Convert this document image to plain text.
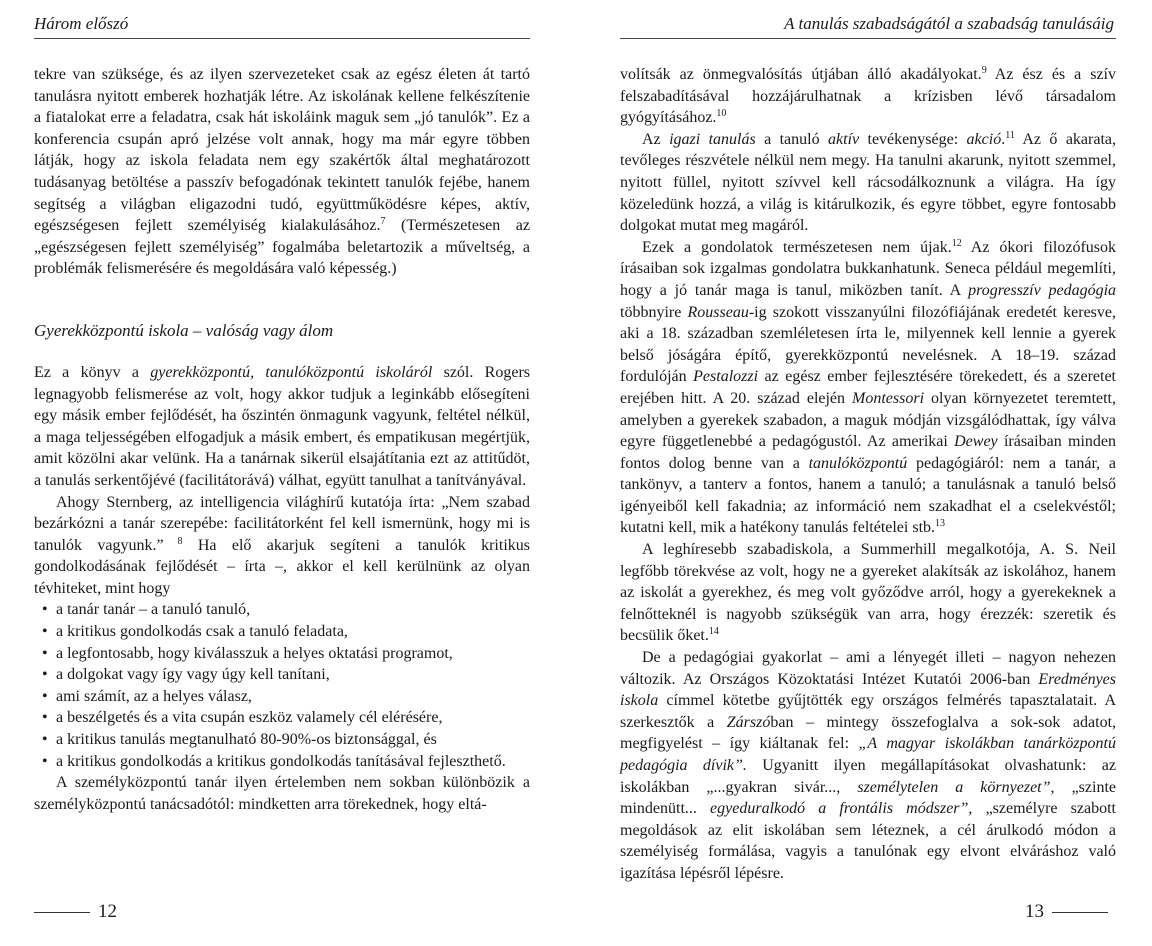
Három előszó

tekre van szüksége, és az ilyen szervezeteket csak az egész életen át tartó tanulásra nyitott emberek hozhatják létre. Az iskolának kellene felkészítenie a fiatalokat erre a feladatra, csak hát iskoláink maguk sem „jó tanulók”. Ez a konferencia csupán apró jelzése volt annak, hogy ma már egyre többen látják, hogy az iskola feladata nem egy szakértők által meghatározott tudásanyag betöltése a passzív befogadónak tekintett tanulók fejébe, hanem segítség a világban eligazodni tudó, együttműködésre képes, aktív, egészségesen fejlett személyiség kialakulásához.$^7$ (Természetesen az „egészségesen fejlett személyiség” fogalmába beletartozik a műveltség, a problémák felismerésére és megoldására való képesség.)

Gyerekközpontú iskola – valóság vagy álom

Ez a könyv a gyerekközpontú, tanulóközpontú iskoláról szól. Rogers legnagyobb felismerése az volt, hogy akkor tudjuk a leginkább elősegíteni egy másik ember fejlődését, ha őszintén önmagunk vagyunk, feltétel nélkül, a maga teljességében elfogadjuk a másik embert, és empatikusan megértjük, amit közölni akar velünk. Ha a tanárnak sikerül elsajátítania ezt az attitűdöt, a tanulás serkentőjévé (facilitátorává) válhat, együtt tanulhat a tanítványával.

Ahogy Sternberg, az intelligencia világhírű kutatója írta: „Nem szabad bezárkózni a tanár szerepébe: facilitátorként fel kell ismernünk, hogy mi is tanulók vagyunk.” $^8$ Ha elő akarjuk segíteni a tanulók kritikus gondolkodásának fejlődését – írta –, akkor el kell kerülnünk az olyan tévhiteket, mint hogy

• a tanár tanár – a tanuló tanuló,
• a kritikus gondolkodás csak a tanuló feladata,
• a legfontosabb, hogy kiválasszuk a helyes oktatási programot,
• a dolgokat vagy így vagy úgy kell tanítani,
• ami számít, az a helyes válasz,
• a beszélgetés és a vita csupán eszköz valamely cél elérésére,
• a kritikus tanulás megtanulható 80-90%-os biztonsággal, és
• a kritikus gondolkodás a kritikus gondolkodás tanításával fejleszthető.

A személyközpontú tanár ilyen értelemben nem sokban különbözik a személyközpontú tanácsadótól: mindketten arra törekednek, hogy eltá-

12
A tanulás szabadságától a szabadság tanulásáig

volítsák az önmegvalósítás útjában álló akadályokat.$^9$ Az ész és a szív felszabadításával hozzájárulhatnak a krízisben lévő társadalom gyógyításához.$^{10}$

Az igazi tanulás a tanuló aktív tevékenysége: akció.$^{11}$ Az ő akarata, tevőleges részvétele nélkül nem megy. Ha tanulni akarunk, nyitott szemmel, nyitott füllel, nyitott szívvel kell rácsodálkoznunk a világra. Ha így közeledünk hozzá, a világ is kitárulkozik, és egyre többet, egyre fontosabb dolgokat mutat meg magáról.

Ezek a gondolatok természetesen nem újak.$^{12}$ Az ókori filozófusok írásaiban sok izgalmas gondolatra bukkanhatunk. Seneca például megemlíti, hogy a jó tanár maga is tanul, miközben tanít. A progresszív pedagógia többnyire Rousseau-ig szokott visszanyúlni filozófiájának eredetét keresve, aki a 18. században szemléletesen írta le, milyennek kell lennie a gyerek belső jóságára építő, gyerekközpontú nevelésnek. A 18–19. század fordulóján Pestalozzi az egész ember fejlesztésére törekedett, és a szeretet erejében hitt. A 20. század elején Montessori olyan környezetet teremtett, amelyben a gyerekek szabadon, a maguk módján vizsgálódhattak, így válva egyre függetlenebbé a pedagógustól. Az amerikai Dewey írásaiban minden fontos dolog benne van a tanulóközpontú pedagógiáról: nem a tanár, a tankönyv, a tanterv a fontos, hanem a tanuló; a tanulásnak a tanuló belső igényeiből kell fakadnia; az információ nem szakadhat el a cselekvéstől; kutatni kell, mik a hatékony tanulás feltételei stb.$^{13}$

A leghíresebb szabadiskola, a Summerhill megalkotója, A. S. Neil legfőbb törekvése az volt, hogy ne a gyereket alakítsák az iskolához, hanem az iskolát a gyerekhez, és meg volt győződve arról, hogy a gyerekeknek a felnőtteknél is nagyobb szükségük van arra, hogy érezzék: szeretik és becsülik őket.$^{14}$

De a pedagógiai gyakorlat – ami a lényegét illeti – nagyon nehezen változik. Az Országos Közoktatási Intézet Kutatói 2006-ban Eredményes iskola címmel kötetbe gyűjtötték egy országos felmérés tapasztalatait. A szerkesztők a Zárszóban – mintegy összefoglalva a sok-sok adatot, megfigyelést – így kiáltanak fel: „A magyar iskolákban tanárközpontú pedagógia dívik”. Ugyanitt ilyen megállapításokat olvashatunk: az iskolákban „...gyakran sivár..., személytelen a környezet”, „szinte mindenütt... egyeduralkodó a frontális módszer”, „személyre szabott megoldások az elit iskolában sem léteznek, a cél árulkodó módon a személyiség formálása, vagyis a tanulónak egy elvont elváráshoz való igazítása lépésről lépésre.

13
